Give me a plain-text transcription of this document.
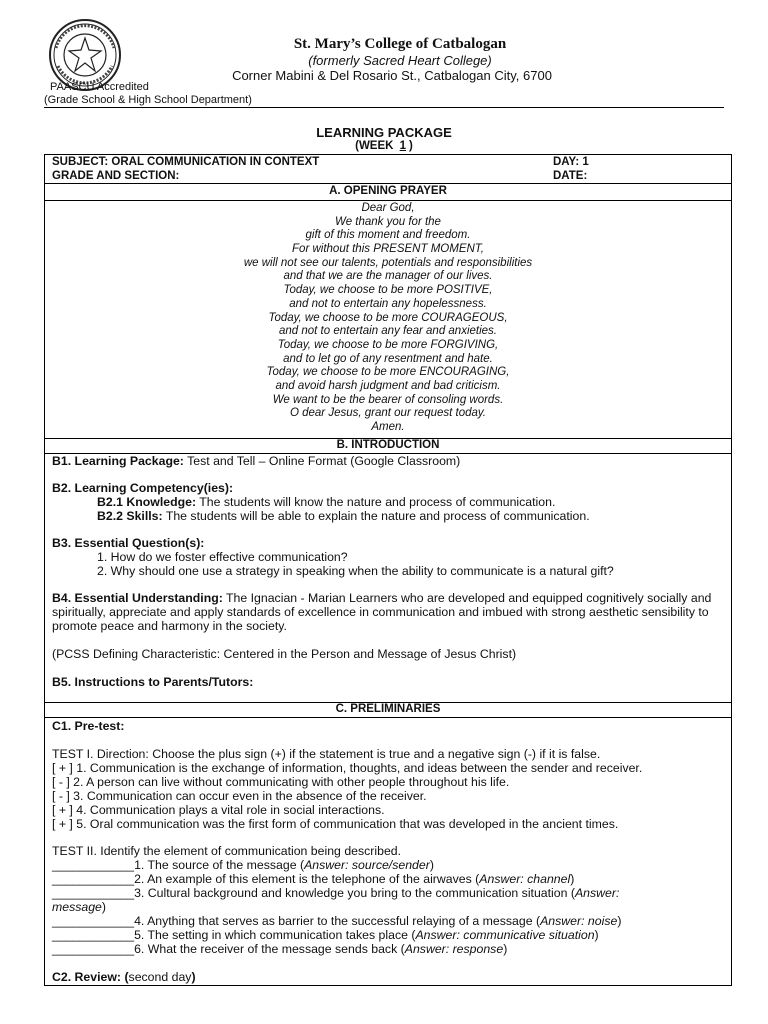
St. Mary’s College of Catbalogan
(formerly Sacred Heart College)
Corner Mabini & Del Rosario St., Catbalogan City, 6700
PAASCU Accredited
(Grade School & High School Department)
LEARNING PACKAGE
(WEEK 1 )
SUBJECT: ORAL COMMUNICATION IN CONTEXT
GRADE AND SECTION:
DAY: 1
DATE:
A. OPENING PRAYER
Dear God,
We thank you for the
gift of this moment and freedom.
For without this PRESENT MOMENT,
we will not see our talents, potentials and responsibilities
and that we are the manager of our lives.
Today, we choose to be more POSITIVE,
and not to entertain any hopelessness.
Today, we choose to be more COURAGEOUS,
and not to entertain any fear and anxieties.
Today, we choose to be more FORGIVING,
and to let go of any resentment and hate.
Today, we choose to be more ENCOURAGING,
and avoid harsh judgment and bad criticism.
We want to be the bearer of consoling words.
O dear Jesus, grant our request today.
Amen.
B. INTRODUCTION
B1. Learning Package: Test and Tell – Online Format (Google Classroom)
B2. Learning Competency(ies):
B2.1 Knowledge: The students will know the nature and process of communication.
B2.2 Skills: The students will be able to explain the nature and process of communication.
B3. Essential Question(s):
1. How do we foster effective communication?
2. Why should one use a strategy in speaking when the ability to communicate is a natural gift?
B4. Essential Understanding: The Ignacian - Marian Learners who are developed and equipped cognitively socially and spiritually, appreciate and apply standards of excellence in communication and imbued with strong aesthetic sensibility to promote peace and harmony in the society.
(PCSS Defining Characteristic: Centered in the Person and Message of Jesus Christ)
B5. Instructions to Parents/Tutors:
C. PRELIMINARIES
C1. Pre-test:
TEST I. Direction: Choose the plus sign (+) if the statement is true and a negative sign (-) if it is false.
[ + ] 1. Communication is the exchange of information, thoughts, and ideas between the sender and receiver.
[ - ] 2. A person can live without communicating with other people throughout his life.
[ - ] 3. Communication can occur even in the absence of the receiver.
[ + ] 4. Communication plays a vital role in social interactions.
[ + ] 5. Oral communication was the first form of communication that was developed in the ancient times.
TEST II. Identify the element of communication being described.
____________1. The source of the message (Answer: source/sender)
____________2. An example of this element is the telephone of the airwaves (Answer: channel)
____________3. Cultural background and knowledge you bring to the communication situation (Answer:
message)
____________4. Anything that serves as barrier to the successful relaying of a message (Answer: noise)
____________5. The setting in which communication takes place (Answer: communicative situation)
____________6. What the receiver of the message sends back (Answer: response)
C2. Review: (second day)
